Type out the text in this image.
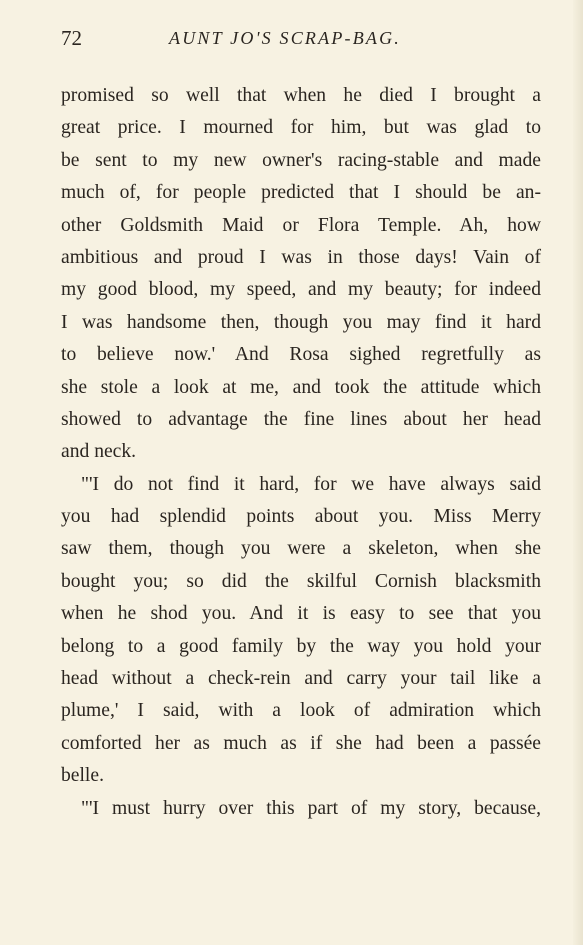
72	AUNT JO'S SCRAP-BAG.
promised so well that when he died I brought a
great price. I mourned for him, but was glad to
be sent to my new owner's racing-stable and made
much of, for people predicted that I should be an-
other Goldsmith Maid or Flora Temple. Ah, how
ambitious and proud I was in those days! Vain of
my good blood, my speed, and my beauty; for indeed
I was handsome then, though you may find it hard
to believe now.' And Rosa sighed regretfully as
she stole a look at me, and took the attitude which
showed to advantage the fine lines about her head
and neck.
"'I do not find it hard, for we have always said
you had splendid points about you. Miss Merry
saw them, though you were a skeleton, when she
bought you; so did the skilful Cornish blacksmith
when he shod you. And it is easy to see that you
belong to a good family by the way you hold your
head without a check-rein and carry your tail like a
plume,' I said, with a look of admiration which
comforted her as much as if she had been a passée
belle.
"'I must hurry over this part of my story, because,
